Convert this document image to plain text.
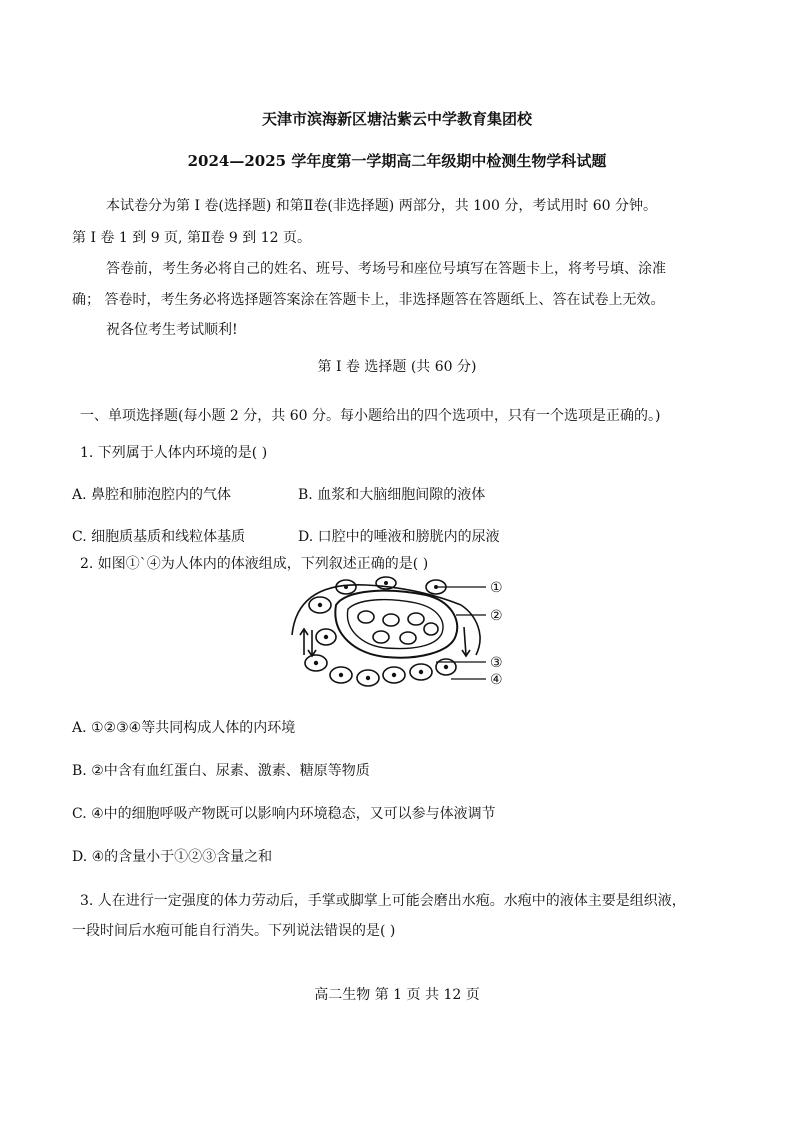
天津市滨海新区塘沽紫云中学教育集团校
2024—2025 学年度第一学期高二年级期中检测生物学科试题
本试卷分为第 I 卷(选择题) 和第Ⅱ卷(非选择题) 两部分，共 100 分，考试用时 60 分钟。
第 I 卷 1 到 9 页, 第Ⅱ卷 9 到 12 页。
答卷前，考生务必将自己的姓名、班号、考场号和座位号填写在答题卡上，将考号填、涂准
确； 答卷时，考生务必将选择题答案涂在答题卡上，非选择题答在答题纸上、答在试卷上无效。
祝各位考生考试顺利!
第 I 卷 选择题 (共 60 分)
一、单项选择题(每小题 2 分，共 60 分。每小题给出的四个选项中，只有一个选项是正确的。)
1. 下列属于人体内环境的是( )
A. 鼻腔和肺泡腔内的气体	B. 血浆和大脑细胞间隙的液体
C. 细胞质基质和线粒体基质	D. 口腔中的唾液和膀胱内的尿液
2. 如图①`④为人体内的体液组成，下列叙述正确的是( )
①
②
③
④
A. ①②③④等共同构成人体的内环境
B. ②中含有血红蛋白、尿素、激素、糖原等物质
C. ④中的细胞呼吸产物既可以影响内环境稳态，又可以参与体液调节
D. ④的含量小于①②③含量之和
3. 人在进行一定强度的体力劳动后，手掌或脚掌上可能会磨出水疱。水疱中的液体主要是组织液，
一段时间后水疱可能自行消失。下列说法错误的是( )
高二生物 第 1 页 共 12 页
